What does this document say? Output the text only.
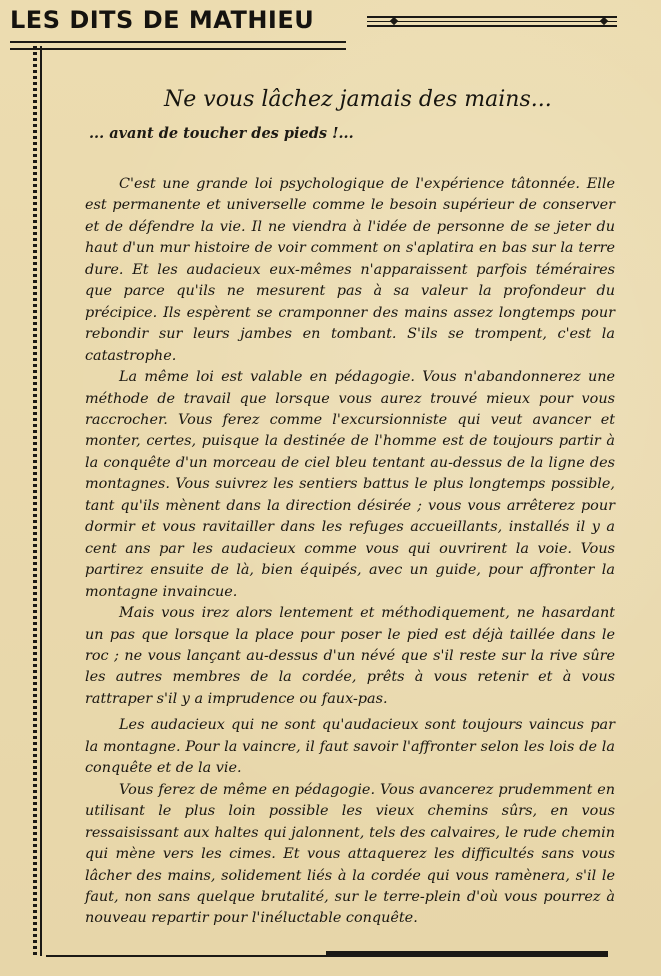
LES DITS DE MATHIEU
Ne vous lâchez jamais des mains...
... avant de toucher des pieds !...

C'est une grande loi psychologique de l'expérience tâtonnée. Elle est permanente et universelle comme le besoin supérieur de conserver et de défendre la vie. Il ne viendra à l'idée de personne de se jeter du haut d'un mur histoire de voir comment on s'aplatira en bas sur la terre dure. Et les audacieux eux-mêmes n'apparaissent parfois téméraires que parce qu'ils ne mesurent pas à sa valeur la profondeur du précipice. Ils espèrent se cramponner des mains assez longtemps pour rebondir sur leurs jambes en tombant. S'ils se trompent, c'est la catastrophe.

La même loi est valable en pédagogie. Vous n'abandonnerez une méthode de travail que lorsque vous aurez trouvé mieux pour vous raccrocher. Vous ferez comme l'excursionniste qui veut avancer et monter, certes, puisque la destinée de l'homme est de toujours partir à la conquête d'un morceau de ciel bleu tentant au-dessus de la ligne des montagnes. Vous suivrez les sentiers battus le plus longtemps possible, tant qu'ils mènent dans la direction désirée ; vous vous arrêterez pour dormir et vous ravitailler dans les refuges accueillants, installés il y a cent ans par les audacieux comme vous qui ouvrirent la voie. Vous partirez ensuite de là, bien équipés, avec un guide, pour affronter la montagne invaincue.

Mais vous irez alors lentement et méthodiquement, ne hasardant un pas que lorsque la place pour poser le pied est déjà taillée dans le roc ; ne vous lançant au-dessus d'un névé que s'il reste sur la rive sûre les autres membres de la cordée, prêts à vous retenir et à vous rattraper s'il y a imprudence ou faux-pas.

Les audacieux qui ne sont qu'audacieux sont toujours vaincus par la montagne. Pour la vaincre, il faut savoir l'affronter selon les lois de la conquête et de la vie.

Vous ferez de même en pédagogie. Vous avancerez prudemment en utilisant le plus loin possible les vieux chemins sûrs, en vous ressaisissant aux haltes qui jalonnent, tels des calvaires, le rude chemin qui mène vers les cimes. Et vous attaquerez les difficultés sans vous lâcher des mains, solidement liés à la cordée qui vous ramènera, s'il le faut, non sans quelque brutalité, sur le terre-plein d'où vous pourrez à nouveau repartir pour l'inéluctable conquête.
